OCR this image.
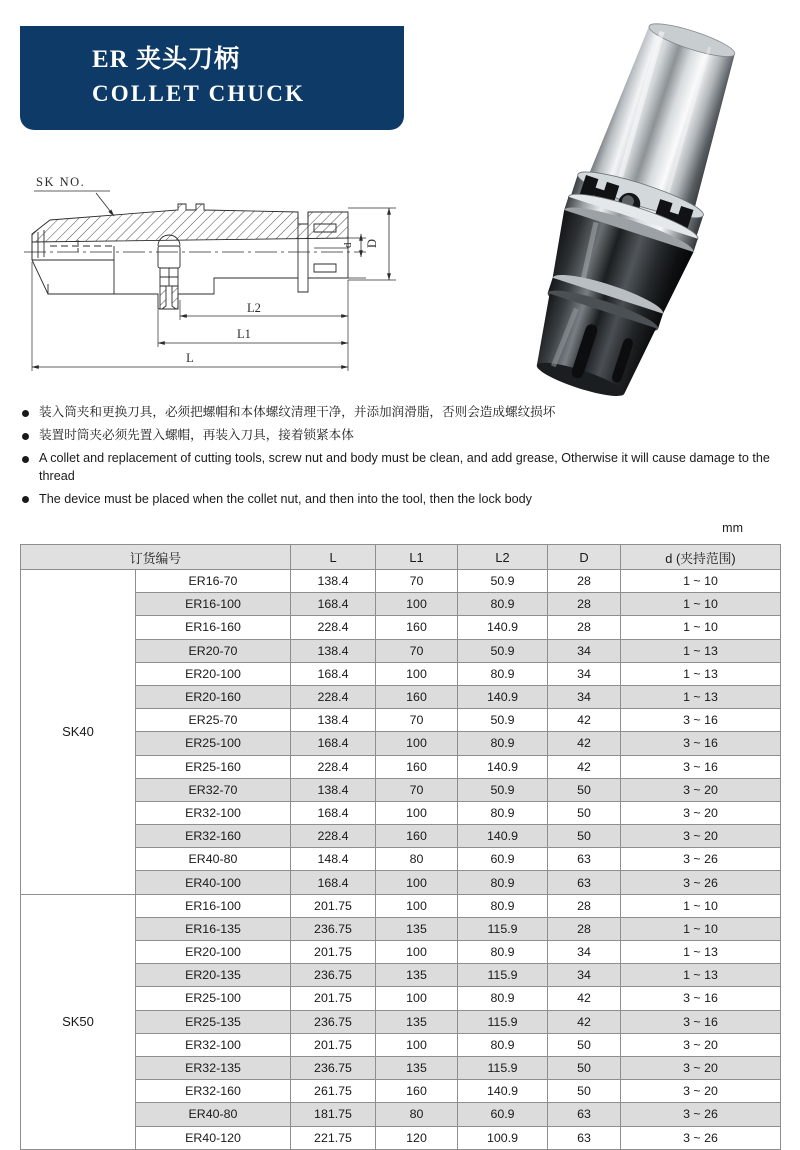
ER 夹头刀柄
COLLET CHUCK
SK NO.
D
d
L2
L1
L
装入筒夹和更换刀具，必须把螺帽和本体螺纹清理干净，并添加润滑脂，否则会造成螺纹损坏
装置时筒夹必须先置入螺帽，再装入刀具，接着锁紧本体
A collet and replacement of cutting tools, screw nut and body must be clean, and add grease, Otherwise it will cause damage to the thread
The device must be placed when the collet nut, and then into the tool, then the lock body
mm
订货编号		L	L1	L2	D	d (夹持范围)
SK40	ER16-70	138.4	70	50.9	28	1 ~ 10
	ER16-100	168.4	100	80.9	28	1 ~ 10
	ER16-160	228.4	160	140.9	28	1 ~ 10
	ER20-70	138.4	70	50.9	34	1 ~ 13
	ER20-100	168.4	100	80.9	34	1 ~ 13
	ER20-160	228.4	160	140.9	34	1 ~ 13
	ER25-70	138.4	70	50.9	42	3 ~ 16
	ER25-100	168.4	100	80.9	42	3 ~ 16
	ER25-160	228.4	160	140.9	42	3 ~ 16
	ER32-70	138.4	70	50.9	50	3 ~ 20
	ER32-100	168.4	100	80.9	50	3 ~ 20
	ER32-160	228.4	160	140.9	50	3 ~ 20
	ER40-80	148.4	80	60.9	63	3 ~ 26
	ER40-100	168.4	100	80.9	63	3 ~ 26
SK50	ER16-100	201.75	100	80.9	28	1 ~ 10
	ER16-135	236.75	135	115.9	28	1 ~ 10
	ER20-100	201.75	100	80.9	34	1 ~ 13
	ER20-135	236.75	135	115.9	34	1 ~ 13
	ER25-100	201.75	100	80.9	42	3 ~ 16
	ER25-135	236.75	135	115.9	42	3 ~ 16
	ER32-100	201.75	100	80.9	50	3 ~ 20
	ER32-135	236.75	135	115.9	50	3 ~ 20
	ER32-160	261.75	160	140.9	50	3 ~ 20
	ER40-80	181.75	80	60.9	63	3 ~ 26
	ER40-120	221.75	120	100.9	63	3 ~ 26
